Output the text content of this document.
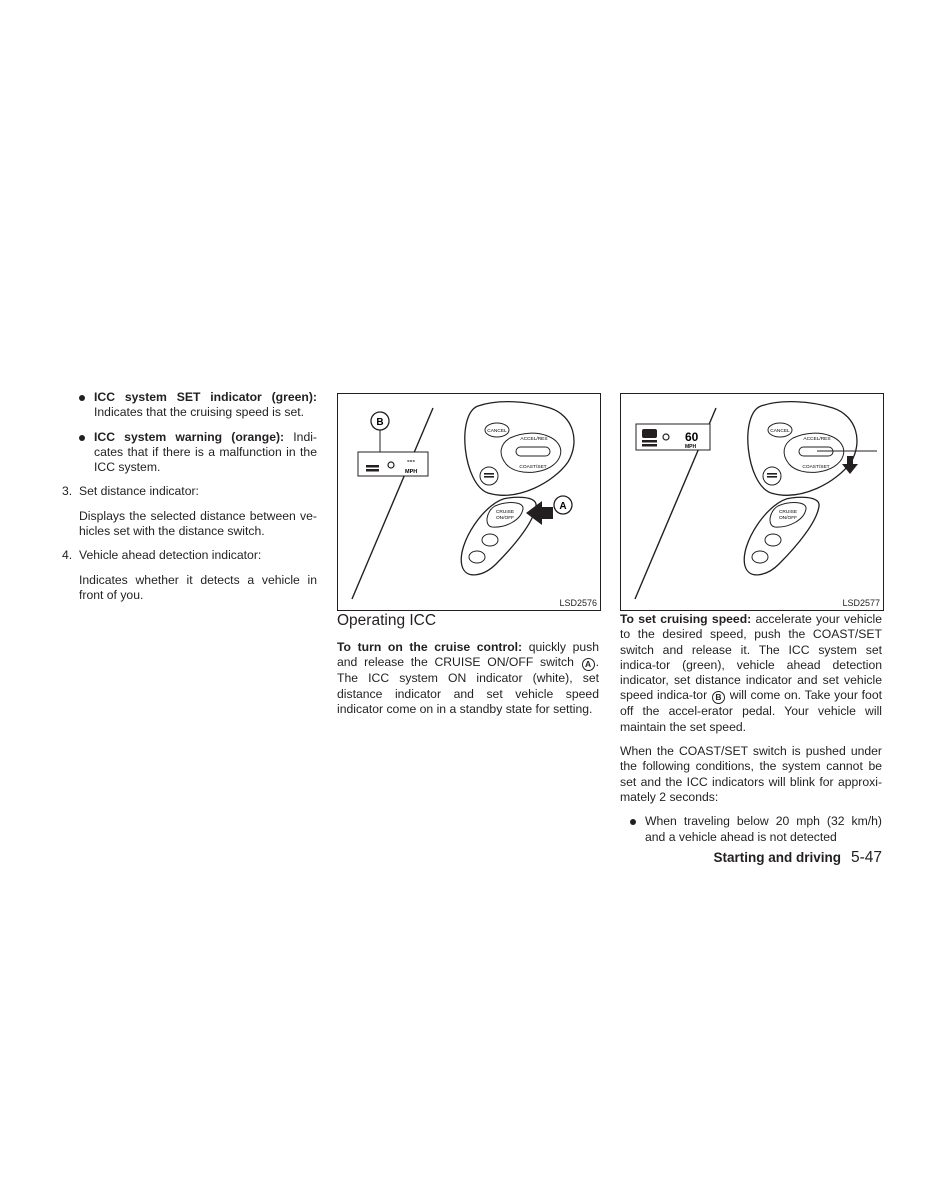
ICC system SET indicator (green): Indicates that the cruising speed is set.
ICC system warning (orange): Indi-cates that if there is a malfunction in the ICC system.
3. Set distance indicator:
Displays the selected distance between ve-hicles set with the distance switch.
4. Vehicle ahead detection indicator:
Indicates whether it detects a vehicle in front of you.
B
---
MPH
CANCEL
ACCEL/RES
COAST/SET
CRUISE
ON/OFF
A
LSD2576
60
MPH
CANCEL
ACCEL/RES
COAST/SET
CRUISE
ON/OFF
LSD2577
Operating ICC

To turn on the cruise control: quickly push and release the CRUISE ON/OFF switch A . The ICC system ON indicator (white), set distance indicator and set vehicle speed indicator come on in a standby state for setting.

To set cruising speed: accelerate your vehicle to the desired speed, push the COAST/SET switch and release it. The ICC system set indica-tor (green), vehicle ahead detection indicator, set distance indicator and set vehicle speed indica-tor B will come on. Take your foot off the accel-erator pedal. Your vehicle will maintain the set speed.

When the COAST/SET switch is pushed under the following conditions, the system cannot be set and the ICC indicators will blink for approxi-mately 2 seconds:

When traveling below 20 mph (32 km/h) and a vehicle ahead is not detected
Starting and driving 5-47
